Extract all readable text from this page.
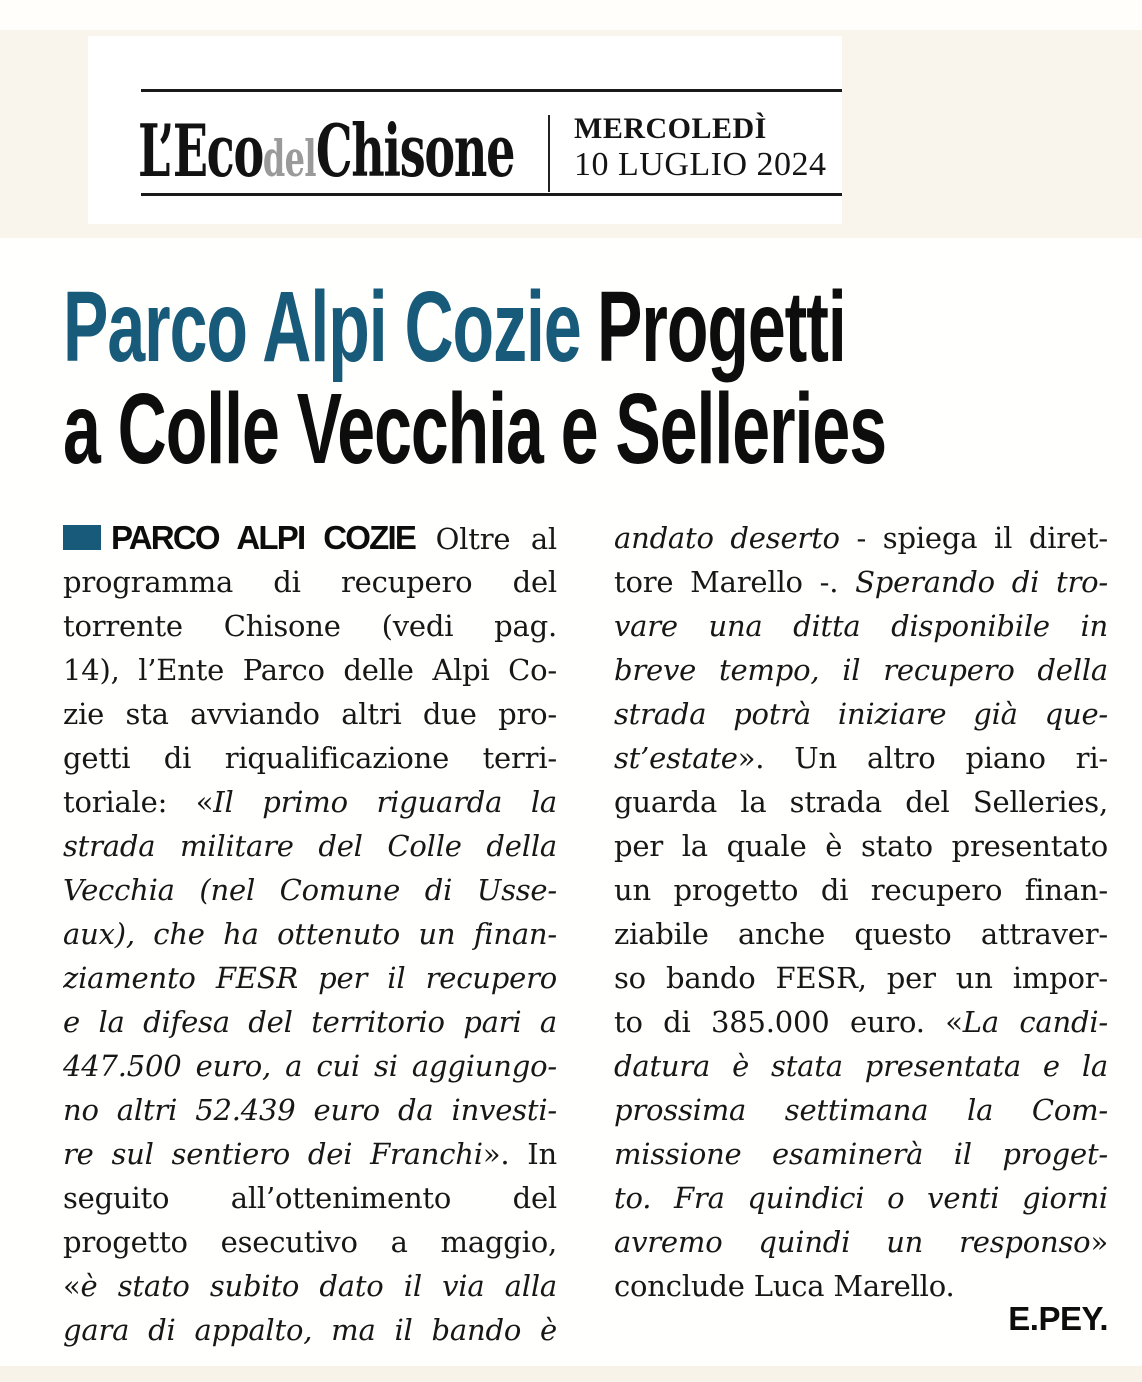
L’EcodelChisone MERCOLEDÌ
10 LUGLIO 2024
Parco Alpi Cozie Progetti
a Colle Vecchia e Selleries
PARCO ALPI COZIE Oltre al
programma di recupero del
torrente Chisone (vedi pag.
14), l’Ente Parco delle Alpi Co-
zie sta avviando altri due pro-
getti di riqualificazione terri-
toriale: «Il primo riguarda la
strada militare del Colle della
Vecchia (nel Comune di Usse-
aux), che ha ottenuto un finan-
ziamento FESR per il recupero
e la difesa del territorio pari a
447.500 euro, a cui si aggiungo-
no altri 52.439 euro da investi-
re sul sentiero dei Franchi». In
seguito all’ottenimento del
progetto esecutivo a maggio,
«è stato subito dato il via alla
gara di appalto, ma il bando è
andato deserto - spiega il diret-
tore Marello -. Sperando di tro-
vare una ditta disponibile in
breve tempo, il recupero della
strada potrà iniziare già que-
st’estate». Un altro piano ri-
guarda la strada del Selleries,
per la quale è stato presentato
un progetto di recupero finan-
ziabile anche questo attraver-
so bando FESR, per un impor-
to di 385.000 euro. «La candi-
datura è stata presentata e la
prossima settimana la Com-
missione esaminerà il proget-
to. Fra quindici o venti giorni
avremo quindi un responso»
conclude Luca Marello.
E.PEY.
